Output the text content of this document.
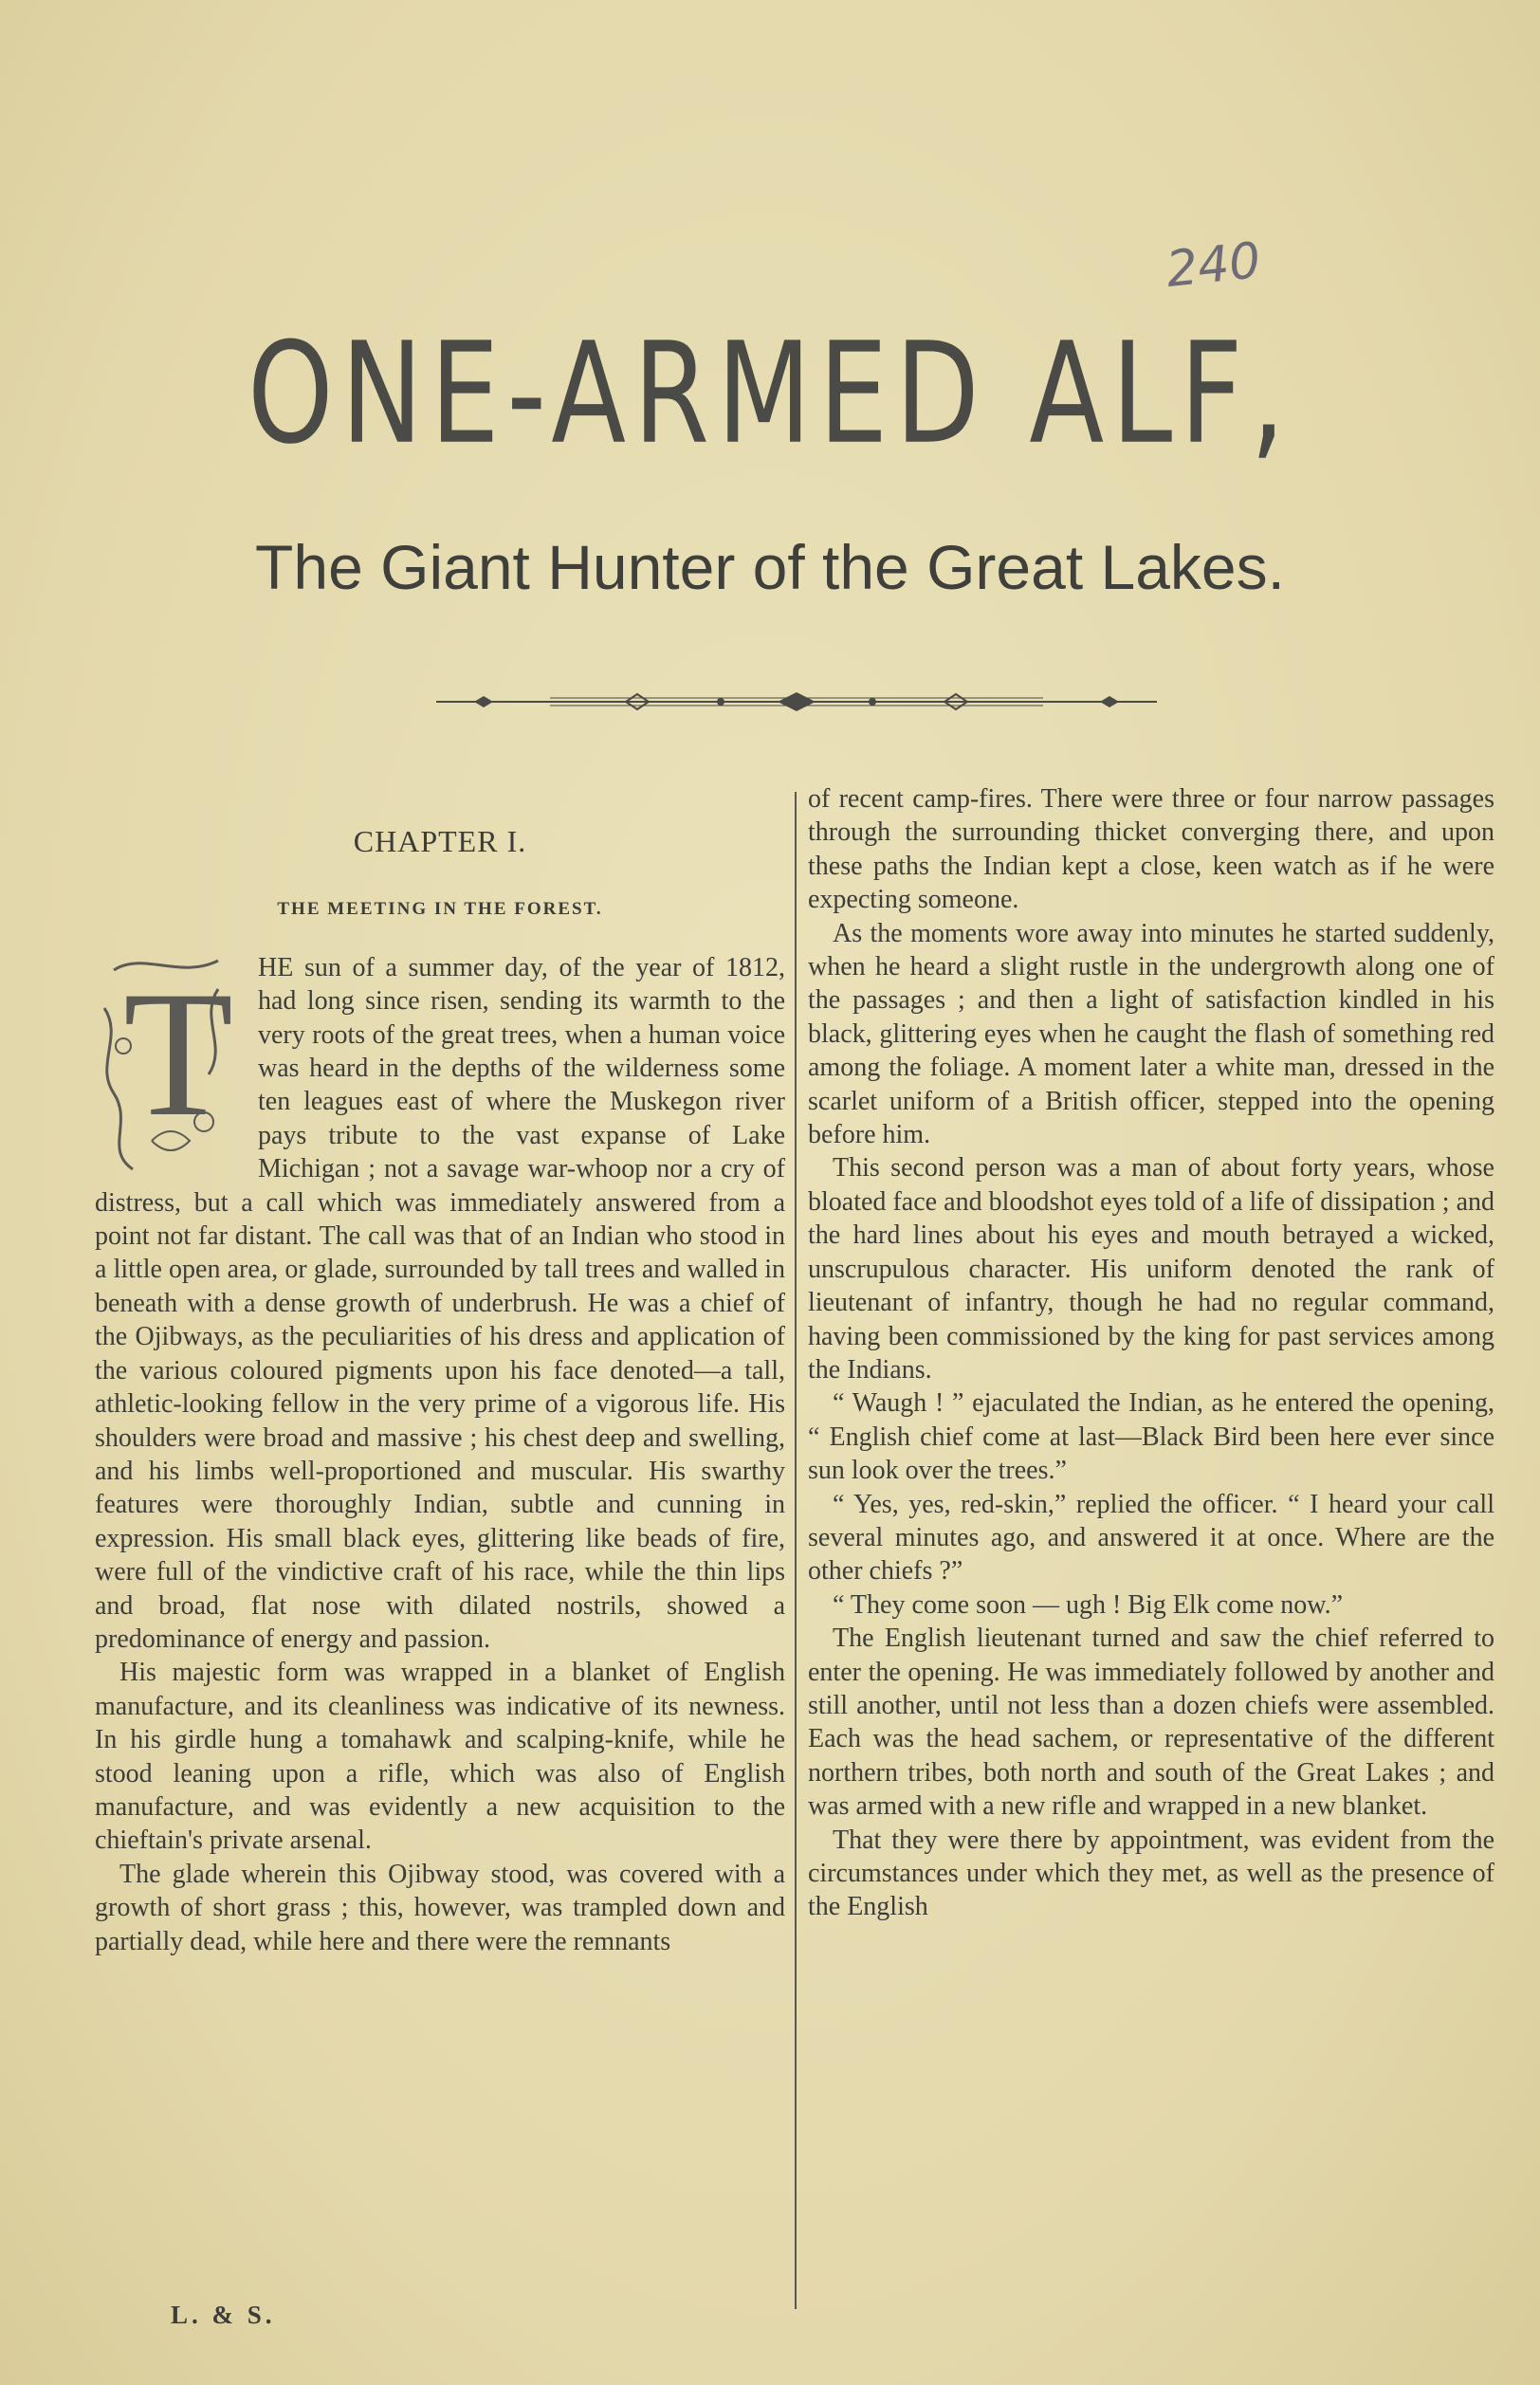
240
ONE-ARMED ALF,
The Giant Hunter of the Great Lakes.
CHAPTER I.
THE MEETING IN THE FOREST.
T HE sun of a summer day, of the year of 1812, had long since risen, sending its warmth to the very roots of the great trees, when a human voice was heard in the depths of the wilderness some ten leagues east of where the Muskegon river pays tribute to the vast expanse of Lake Michigan ; not a savage war-whoop nor a cry of distress, but a call which was immediately answered from a point not far distant. The call was that of an Indian who stood in a little open area, or glade, surrounded by tall trees and walled in beneath with a dense growth of underbrush. He was a chief of the Ojibways, as the peculiarities of his dress and application of the various coloured pigments upon his face denoted—a tall, athletic-looking fellow in the very prime of a vigorous life. His shoulders were broad and massive ; his chest deep and swelling, and his limbs well-proportioned and muscular. His swarthy features were thoroughly Indian, subtle and cunning in expression. His small black eyes, glittering like beads of fire, were full of the vindictive craft of his race, while the thin lips and broad, flat nose with dilated nostrils, showed a predominance of energy and passion.

His majestic form was wrapped in a blanket of English manufacture, and its cleanliness was indicative of its newness. In his girdle hung a tomahawk and scalping-knife, while he stood leaning upon a rifle, which was also of English manufacture, and was evidently a new acquisition to the chieftain's private arsenal.

The glade wherein this Ojibway stood, was covered with a growth of short grass ; this, however, was trampled down and partially dead, while here and there were the remnants

of recent camp-fires. There were three or four narrow passages through the surrounding thicket converging there, and upon these paths the Indian kept a close, keen watch as if he were expecting someone.

As the moments wore away into minutes he started suddenly, when he heard a slight rustle in the undergrowth along one of the passages ; and then a light of satisfaction kindled in his black, glittering eyes when he caught the flash of something red among the foliage. A moment later a white man, dressed in the scarlet uniform of a British officer, stepped into the opening before him.

This second person was a man of about forty years, whose bloated face and bloodshot eyes told of a life of dissipation ; and the hard lines about his eyes and mouth betrayed a wicked, unscrupulous character. His uniform denoted the rank of lieutenant of infantry, though he had no regular command, having been commissioned by the king for past services among the Indians.

“ Waugh ! ” ejaculated the Indian, as he entered the opening, “ English chief come at last—Black Bird been here ever since sun look over the trees.”

“ Yes, yes, red-skin,” replied the officer. “ I heard your call several minutes ago, and answered it at once. Where are the other chiefs ?”

“ They come soon — ugh ! Big Elk come now.”

The English lieutenant turned and saw the chief referred to enter the opening. He was immediately followed by another and still another, until not less than a dozen chiefs were assembled. Each was the head sachem, or representative of the different northern tribes, both north and south of the Great Lakes ; and was armed with a new rifle and wrapped in a new blanket.

That they were there by appointment, was evident from the circumstances under which they met, as well as the presence of the English

L. & S.
